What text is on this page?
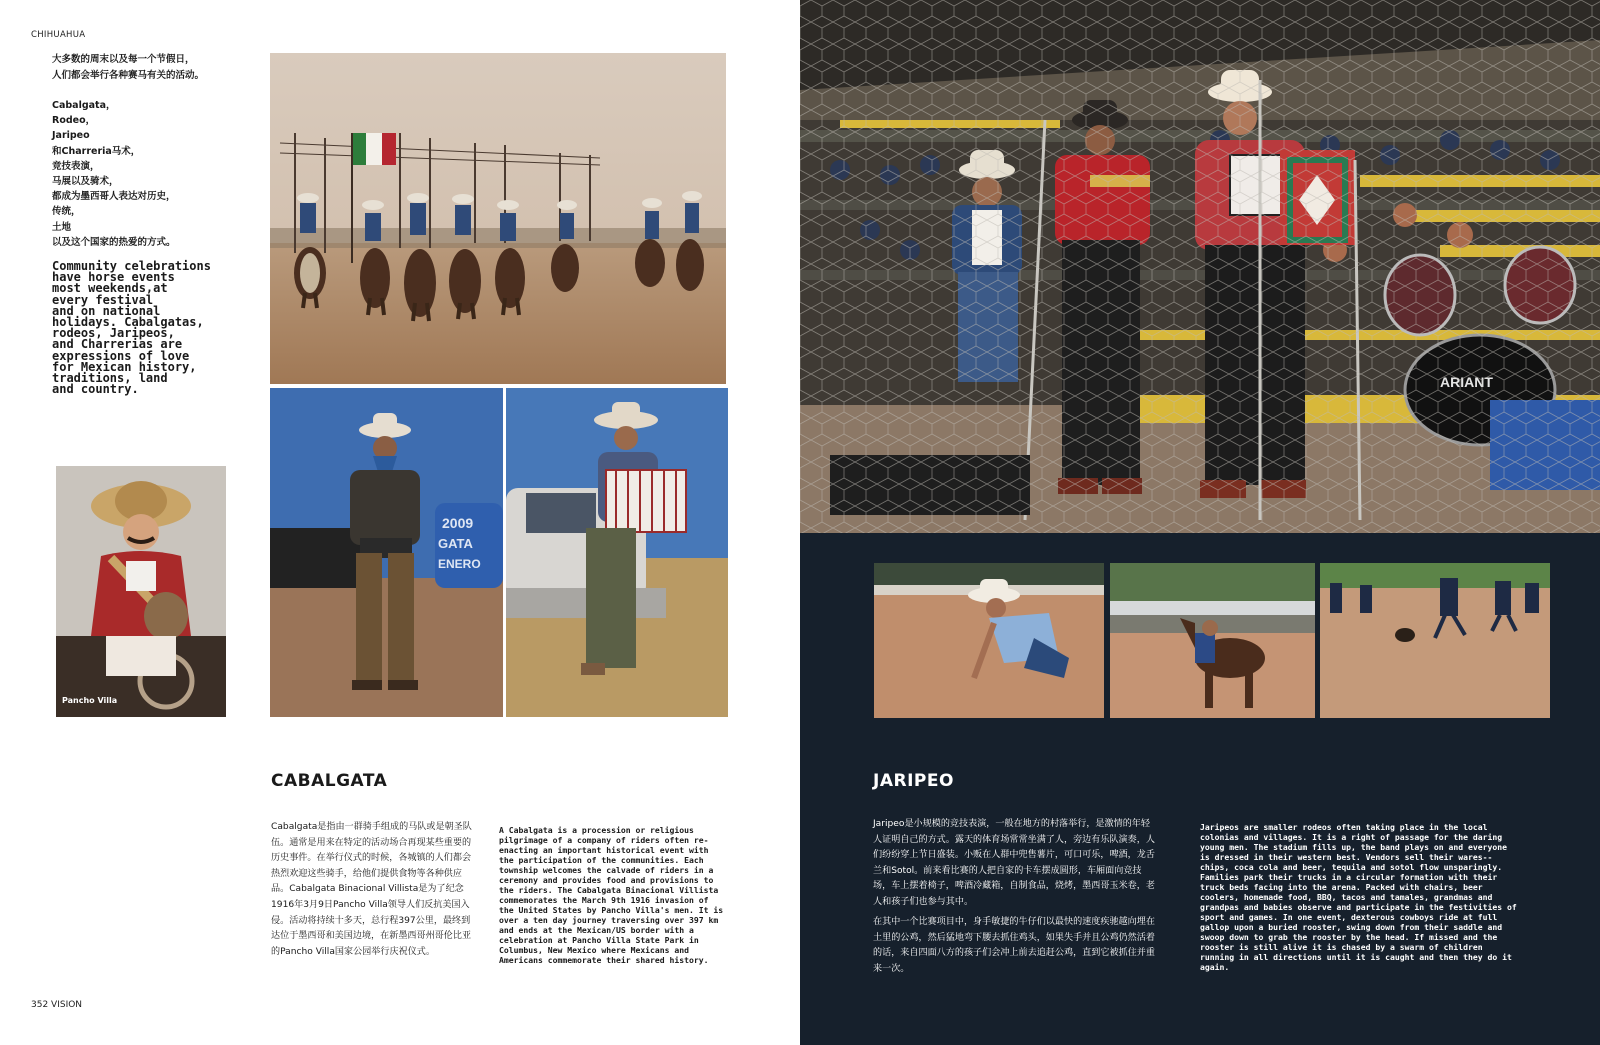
CHIHUAHUA
大多数的周末以及每一个节假日，
人们都会举行各种赛马有关的活动。
Cabalgata，
Rodeo，
Jaripeo
和Charreria马术，
竞技表演，
马展以及骑术，
都成为墨西哥人表达对历史，
传统，
土地
以及这个国家的热爱的方式。
Community celebrations
have horse events
most weekends,at
every festival
and on national
holidays. Cabalgatas,
rodeos, Jaripeos,
and Charrerias are
expressions of love
for Mexican history,
traditions, land
and country.
2009
GATA
ENERO
Pancho Villa
CABALGATA
Cabalgata是指由一群骑手组成的马队或是朝圣队伍。通常是用来在特定的活动场合再现某些重要的历史事件。在举行仪式的时候，各城镇的人们都会热烈欢迎这些骑手，给他们提供食物等各种供应品。Cabalgata Binacional Villista是为了纪念1916年3月9日Pancho Villa领导人们反抗美国入侵。活动将持续十多天，总行程397公里，最终到达位于墨西哥和美国边境，在新墨西哥州哥伦比亚的Pancho Villa国家公园举行庆祝仪式。
A Cabalgata is a procession or religious pilgrimage of a company of riders often re-enacting an important historical event with the participation of the communities. Each township welcomes the calvade of riders in a ceremony and provides food and provisions to the riders. The Cabalgata Binacional Villista commemorates the March 9th 1916 invasion of the United States by Pancho Villa's men. It is over a ten day journey traversing over 397 km and ends at the Mexican/US border with a celebration at Pancho Villa State Park in Columbus, New Mexico where Mexicans and Americans commemorate their shared history.
352 VISION
JARIPEO
Jaripeo是小规模的竞技表演，一般在地方的村落举行，是激情的年轻人证明自己的方式。露天的体育场常常坐满了人，旁边有乐队演奏，人们纷纷穿上节日盛装。小贩在人群中兜售薯片，可口可乐，啤酒，龙舌兰和Sotol。前来看比赛的人把自家的卡车摆成圆形，车厢面向竞技场，车上摆着椅子，啤酒冷藏箱，自制食品，烧烤，墨西哥玉米卷，老人和孩子们也参与其中。
在其中一个比赛项目中，身手敏捷的牛仔们以最快的速度疾驰越向埋在土里的公鸡，然后猛地弯下腰去抓住鸡头，如果失手并且公鸡仍然活着的话，来自四面八方的孩子们会冲上前去追赶公鸡，直到它被抓住并重来一次。
Jaripeos are smaller rodeos often taking place in the local colonias and villages. It is a right of passage for the daring young men. The stadium fills up, the band plays on and everyone is dressed in their western best. Vendors sell their wares--chips, coca cola and beer, tequila and sotol flow unsparingly. Families park their trucks in a circular formation with their truck beds facing into the arena. Packed with chairs, beer coolers, homemade food, BBQ, tacos and tamales, grandmas and grandpas and babies observe and participate in the festivities of sport and games. In one event, dexterous cowboys ride at full gallop upon a buried rooster, swing down from their saddle and swoop down to grab the rooster by the head. If missed and the rooster is still alive it is chased by a swarm of children running in all directions until it is caught and then they do it again.
